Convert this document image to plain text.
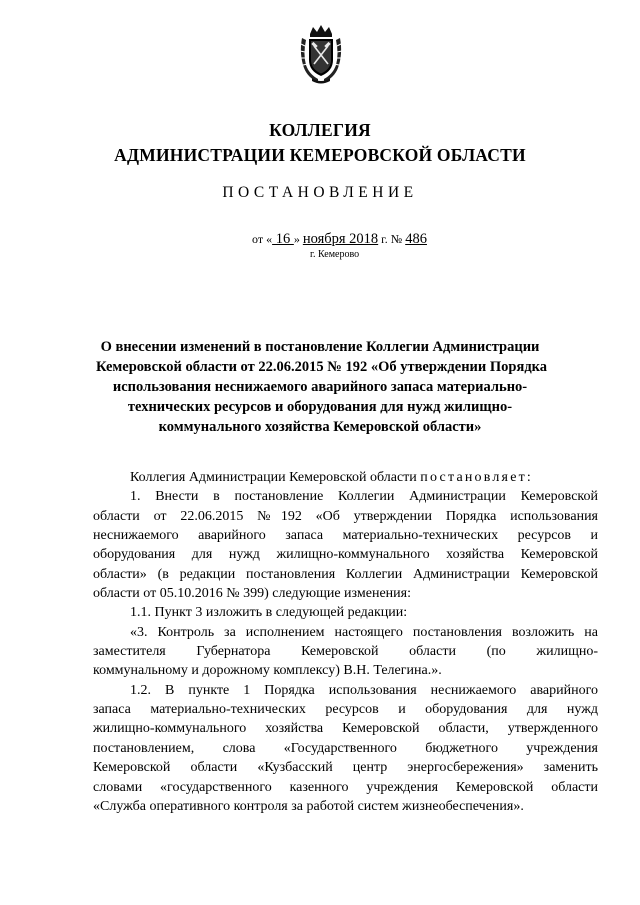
КОЛЛЕГИЯ
АДМИНИСТРАЦИИ КЕМЕРОВСКОЙ ОБЛАСТИ
ПОСТАНОВЛЕНИЕ
от « 16 » ноября 2018 г. № 486
г. Кемерово
О внесении изменений в постановление Коллегии Администрации
Кемеровской области от 22.06.2015 № 192 «Об утверждении Порядка
использования неснижаемого аварийного запаса материально-
технических ресурсов и оборудования для нужд жилищно-
коммунального хозяйства Кемеровской области»
Коллегия Администрации Кемеровской области постановляет:
1. Внести в постановление Коллегии Администрации Кемеровской
области от 22.06.2015 №192 «Об утверждении Порядка использования
неснижаемого аварийного запаса материально-технических ресурсов и
оборудования для нужд жилищно-коммунального хозяйства Кемеровской
области» (в редакции постановления Коллегии Администрации Кемеровской
области от 05.10.2016 № 399) следующие изменения:
1.1. Пункт 3 изложить в следующей редакции:
«3. Контроль за исполнением настоящего постановления возложить на
заместителя Губернатора Кемеровской области (по жилищно-
коммунальному и дорожному комплексу) В.Н. Телегина.».
1.2. В пункте 1 Порядка использования неснижаемого аварийного
запаса материально-технических ресурсов и оборудования для нужд
жилищно-коммунального хозяйства Кемеровской области, утвержденного
постановлением, слова «Государственного бюджетного учреждения
Кемеровской области «Кузбасский центр энергосбережения» заменить
словами «государственного казенного учреждения Кемеровской области
«Служба оперативного контроля за работой систем жизнеобеспечения».
